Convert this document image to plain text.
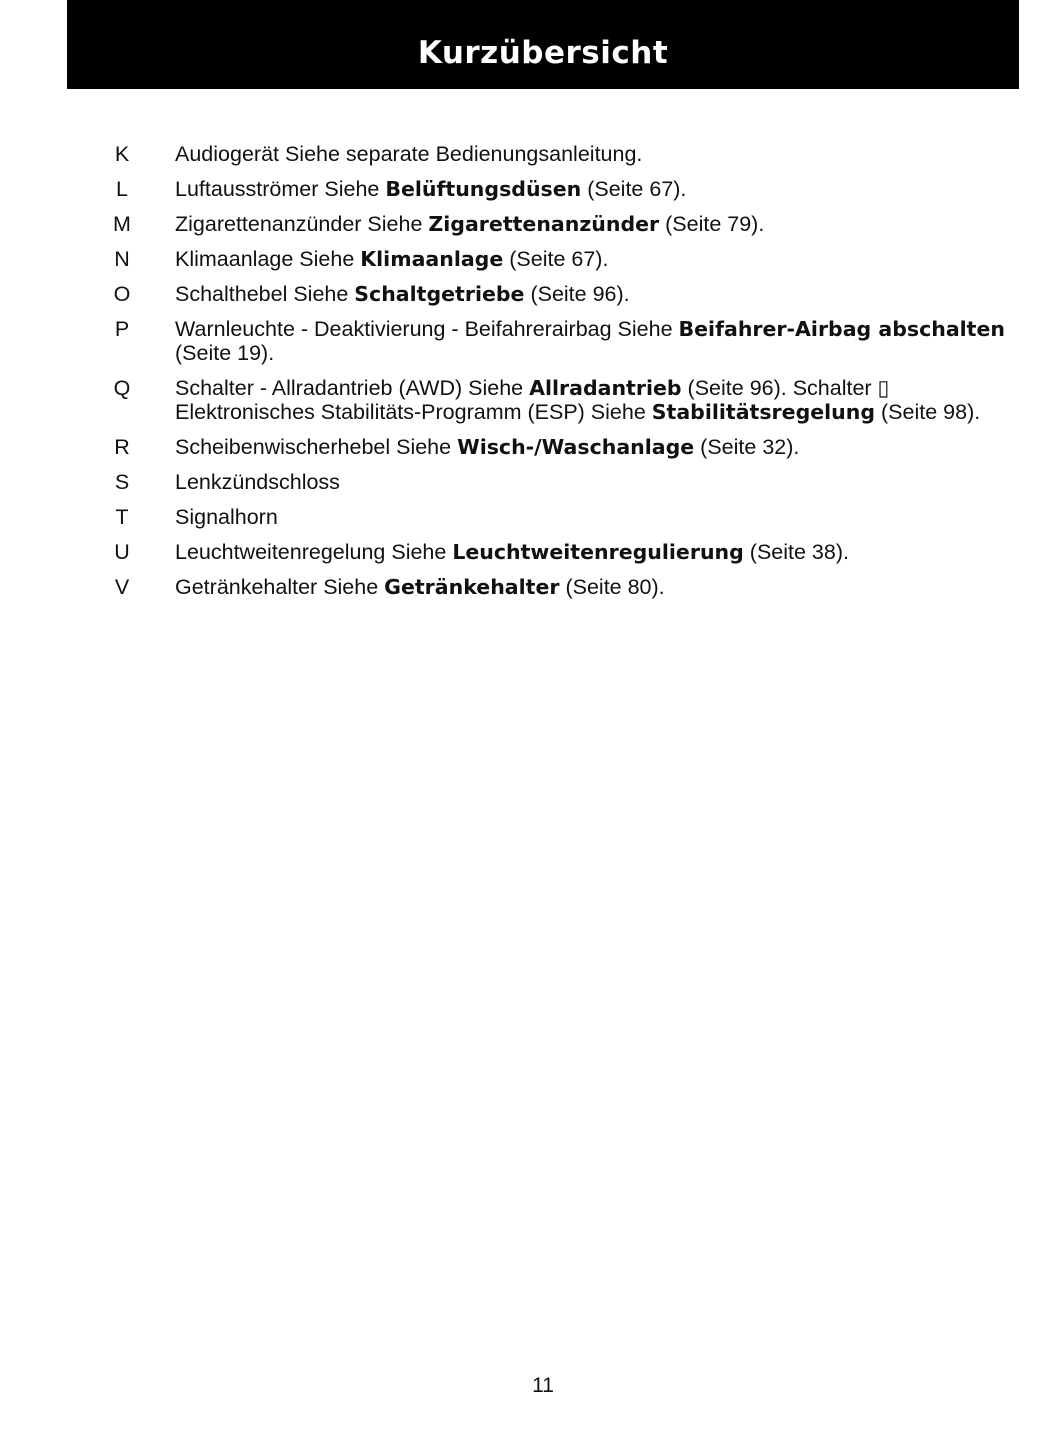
Kurzübersicht
K	Audiogerät Siehe separate Bedienungsanleitung.
L	Luftausströmer Siehe Belüftungsdüsen (Seite 67).
M	Zigarettenanzünder Siehe Zigarettenanzünder (Seite 79).
N	Klimaanlage Siehe Klimaanlage (Seite 67).
O	Schalthebel Siehe Schaltgetriebe (Seite 96).
P	Warnleuchte - Deaktivierung - Beifahrerairbag Siehe Beifahrer-Airbag abschalten (Seite 19).
Q	Schalter - Allradantrieb (AWD) Siehe Allradantrieb (Seite 96). Schalter ▯ Elektronisches Stabilitäts-Programm (ESP) Siehe Stabilitätsregelung (Seite 98).
R	Scheibenwischerhebel Siehe Wisch-/Waschanlage (Seite 32).
S	Lenkzündschloss
T	Signalhorn
U	Leuchtweitenregelung Siehe Leuchtweitenregulierung (Seite 38).
V	Getränkehalter Siehe Getränkehalter (Seite 80).
11
